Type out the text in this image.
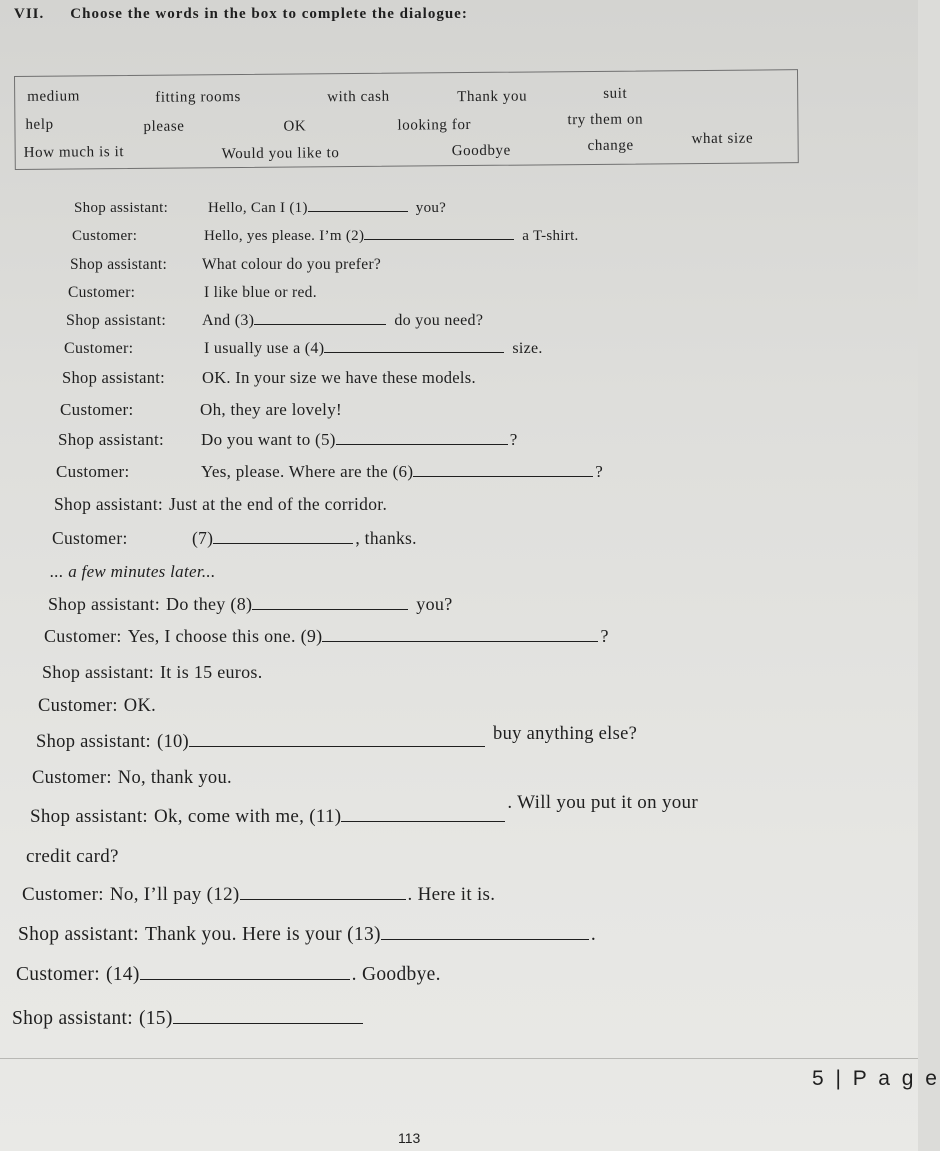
VII. Choose the words in the box to complete the dialogue:
medium	fitting rooms	with cash	Thank you	suit
help	please	OK	looking for	try them on
How much is it	Would you like to	Goodbye	change	what size
Shop assistant:	Hello, Can I (1)	you?
Customer:	Hello, yes please. I’m (2)	a T-shirt.
Shop assistant: What colour do you prefer?
Customer:	I like blue or red.
Shop assistant: And (3)	do you need?
Customer:	I usually use a (4)	size.
Shop assistant: OK. In your size we have these models.
Customer:	Oh, they are lovely!
Shop assistant: Do you want to (5)	?
Customer:	Yes, please. Where are the (6)	?
Shop assistant: Just at the end of the corridor.
Customer:	(7)	, thanks.
... a few minutes later...
Shop assistant: Do they (8)	you?
Customer: Yes, I choose this one. (9)	?
Shop assistant: It is 15 euros.
Customer: OK.
Shop assistant: (10)	buy anything else?
Customer: No, thank you.
Shop assistant: Ok, come with me, (11). Will you put it on your
credit card?
Customer: No, I’ll pay (12)	. Here it is.
Shop assistant: Thank you. Here is your (13)	.
Customer: (14)	. Goodbye.
Shop assistant: (15)
5 | P a g e
113
